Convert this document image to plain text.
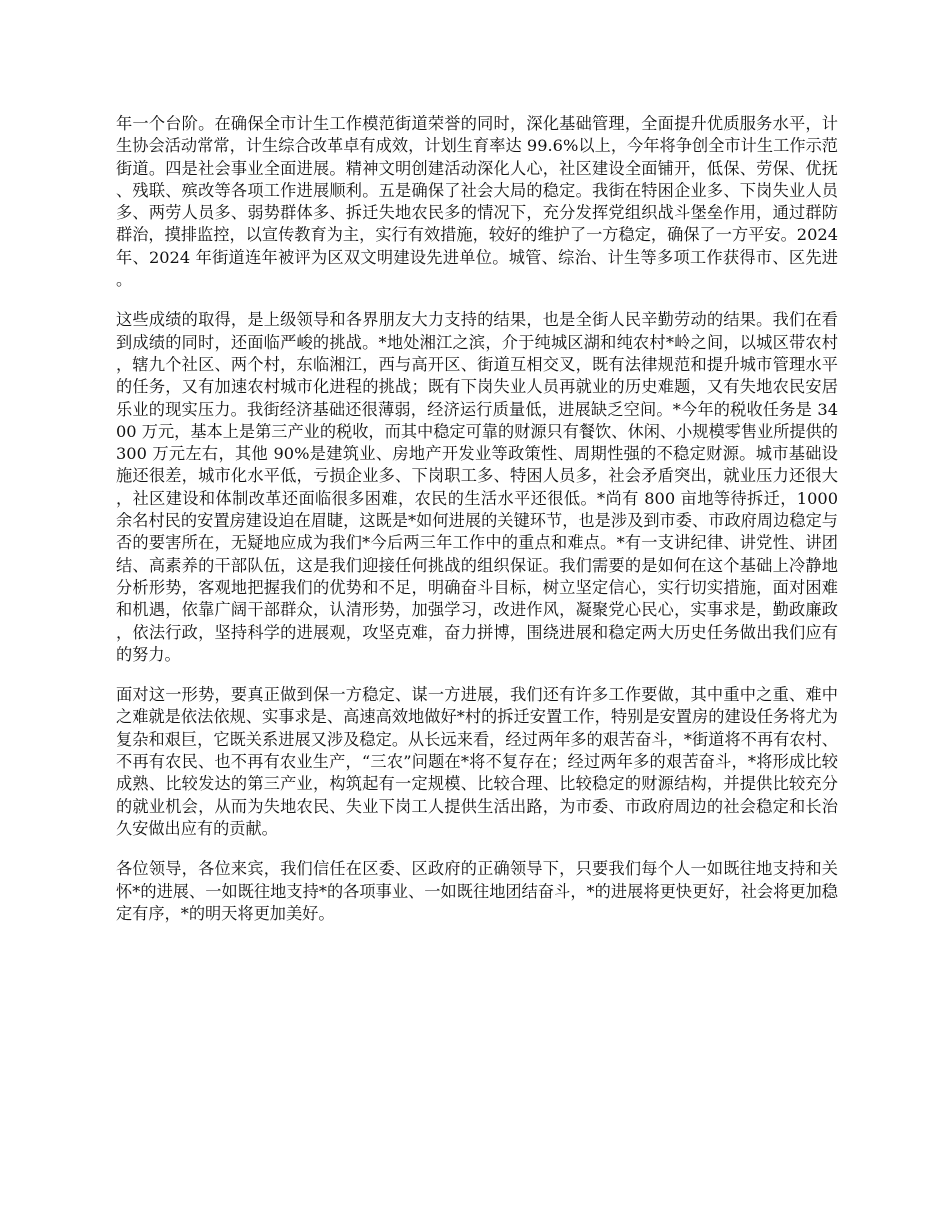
年一个台阶。在确保全市计生工作模范街道荣誉的同时，深化基础管理，全面提升优质服务水平，计生协会活动常常，计生综合改革卓有成效，计划生育率达 99.6%以上，今年将争创全市计生工作示范街道。四是社会事业全面进展。精神文明创建活动深化人心，社区建设全面铺开，低保、劳保、优抚、残联、殡改等各项工作进展顺利。五是确保了社会大局的稳定。我街在特困企业多、下岗失业人员多、两劳人员多、弱势群体多、拆迁失地农民多的情况下，充分发挥党组织战斗堡垒作用，通过群防群治，摸排监控，以宣传教育为主，实行有效措施，较好的维护了一方稳定，确保了一方平安。2024 年、2024 年街道连年被评为区双文明建设先进单位。城管、综治、计生等多项工作获得市、区先进。

这些成绩的取得，是上级领导和各界朋友大力支持的结果，也是全街人民辛勤劳动的结果。我们在看到成绩的同时，还面临严峻的挑战。*地处湘江之滨，介于纯城区湖和纯农村*岭之间，以城区带农村，辖九个社区、两个村，东临湘江，西与高开区、街道互相交叉，既有法律规范和提升城市管理水平的任务，又有加速农村城市化进程的挑战；既有下岗失业人员再就业的历史难题，又有失地农民安居乐业的现实压力。我街经济基础还很薄弱，经济运行质量低，进展缺乏空间。*今年的税收任务是 3400 万元，基本上是第三产业的税收，而其中稳定可靠的财源只有餐饮、休闲、小规模零售业所提供的 300 万元左右，其他 90%是建筑业、房地产开发业等政策性、周期性强的不稳定财源。城市基础设施还很差，城市化水平低，亏损企业多、下岗职工多、特困人员多，社会矛盾突出，就业压力还很大，社区建设和体制改革还面临很多困难，农民的生活水平还很低。*尚有 800 亩地等待拆迁，1000 余名村民的安置房建设迫在眉睫，这既是*如何进展的关键环节，也是涉及到市委、市政府周边稳定与否的要害所在，无疑地应成为我们*今后两三年工作中的重点和难点。*有一支讲纪律、讲党性、讲团结、高素养的干部队伍，这是我们迎接任何挑战的组织保证。我们需要的是如何在这个基础上冷静地分析形势，客观地把握我们的优势和不足，明确奋斗目标，树立坚定信心，实行切实措施，面对困难和机遇，依靠广阔干部群众，认清形势，加强学习，改进作风，凝聚党心民心，实事求是，勤政廉政，依法行政，坚持科学的进展观，攻坚克难，奋力拼博，围绕进展和稳定两大历史任务做出我们应有的努力。

面对这一形势，要真正做到保一方稳定、谋一方进展，我们还有许多工作要做，其中重中之重、难中之难就是依法依规、实事求是、高速高效地做好*村的拆迁安置工作，特别是安置房的建设任务将尤为复杂和艰巨，它既关系进展又涉及稳定。从长远来看，经过两年多的艰苦奋斗，*街道将不再有农村、不再有农民、也不再有农业生产，“三农”问题在*将不复存在；经过两年多的艰苦奋斗，*将形成比较成熟、比较发达的第三产业，构筑起有一定规模、比较合理、比较稳定的财源结构，并提供比较充分的就业机会，从而为失地农民、失业下岗工人提供生活出路，为市委、市政府周边的社会稳定和长治久安做出应有的贡献。

各位领导，各位来宾，我们信任在区委、区政府的正确领导下，只要我们每个人一如既往地支持和关怀*的进展、一如既往地支持*的各项事业、一如既往地团结奋斗，*的进展将更快更好，社会将更加稳定有序，*的明天将更加美好。
